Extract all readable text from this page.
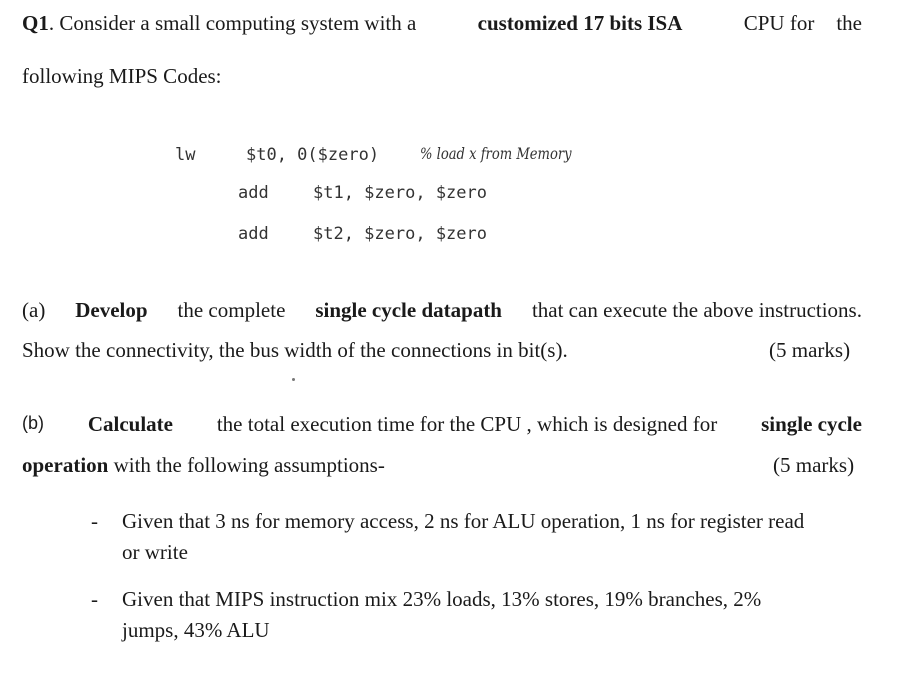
Q1. Consider a small computing system with a	customized 17 bits ISA	CPU for the
following MIPS Codes:
lw	$t0, 0($zero)	% load x from Memory
add	$t1, $zero, $zero
add	$t2, $zero, $zero
(a) Develop the complete single cycle datapath that can execute the above instructions.
Show the connectivity, the bus width of the connections in bit(s).	(5 marks)
(b) Calculate the total execution time for the CPU , which is designed for single cycle
operation with the following assumptions-	(5 marks)
- Given that 3 ns for memory access, 2 ns for ALU operation, 1 ns for register read
or write
- Given that MIPS instruction mix 23% loads, 13% stores, 19% branches, 2%
jumps, 43% ALU
